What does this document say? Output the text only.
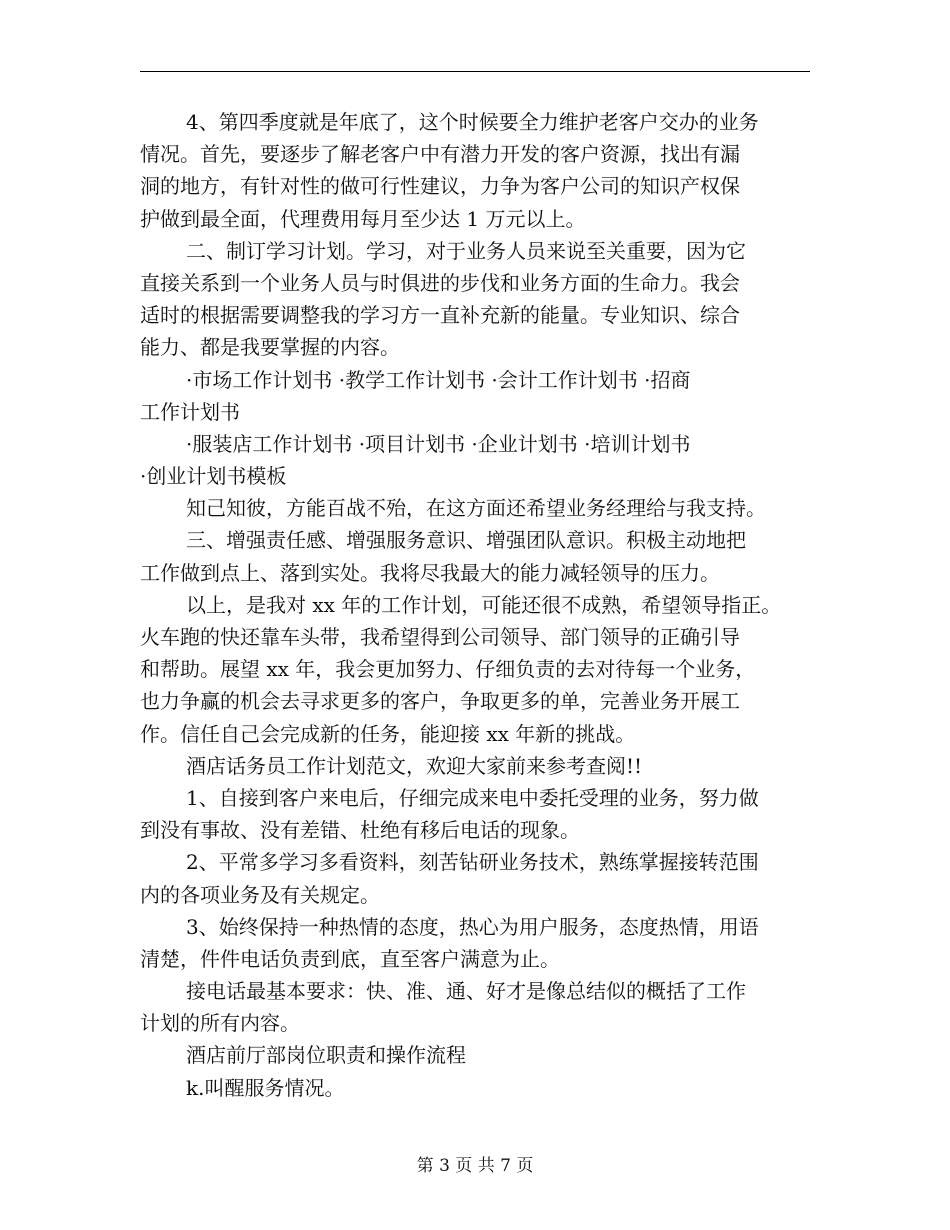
4、第四季度就是年底了，这个时候要全力维护老客户交办的业务
情况。首先，要逐步了解老客户中有潜力开发的客户资源，找出有漏
洞的地方，有针对性的做可行性建议，力争为客户公司的知识产权保
护做到最全面，代理费用每月至少达 1 万元以上。
二、制订学习计划。学习，对于业务人员来说至关重要，因为它
直接关系到一个业务人员与时俱进的步伐和业务方面的生命力。我会
适时的根据需要调整我的学习方一直补充新的能量。专业知识、综合
能力、都是我要掌握的内容。
·市场工作计划书 ·教学工作计划书 ·会计工作计划书 ·招商
工作计划书
·服装店工作计划书 ·项目计划书 ·企业计划书 ·培训计划书
·创业计划书模板
知己知彼，方能百战不殆，在这方面还希望业务经理给与我支持。
三、增强责任感、增强服务意识、增强团队意识。积极主动地把
工作做到点上、落到实处。我将尽我最大的能力减轻领导的压力。
以上，是我对 xx 年的工作计划，可能还很不成熟，希望领导指正。
火车跑的快还靠车头带，我希望得到公司领导、部门领导的正确引导
和帮助。展望 xx 年，我会更加努力、仔细负责的去对待每一个业务，
也力争赢的机会去寻求更多的客户，争取更多的单，完善业务开展工
作。信任自己会完成新的任务，能迎接 xx 年新的挑战。
酒店话务员工作计划范文，欢迎大家前来参考查阅!!
1、自接到客户来电后，仔细完成来电中委托受理的业务，努力做
到没有事故、没有差错、杜绝有移后电话的现象。
2、平常多学习多看资料，刻苦钻研业务技术，熟练掌握接转范围
内的各项业务及有关规定。
3、始终保持一种热情的态度，热心为用户服务，态度热情，用语
清楚，件件电话负责到底，直至客户满意为止。
接电话最基本要求：快、准、通、好才是像总结似的概括了工作
计划的所有内容。
酒店前厅部岗位职责和操作流程
k.叫醒服务情况。
第 3 页 共 7 页
